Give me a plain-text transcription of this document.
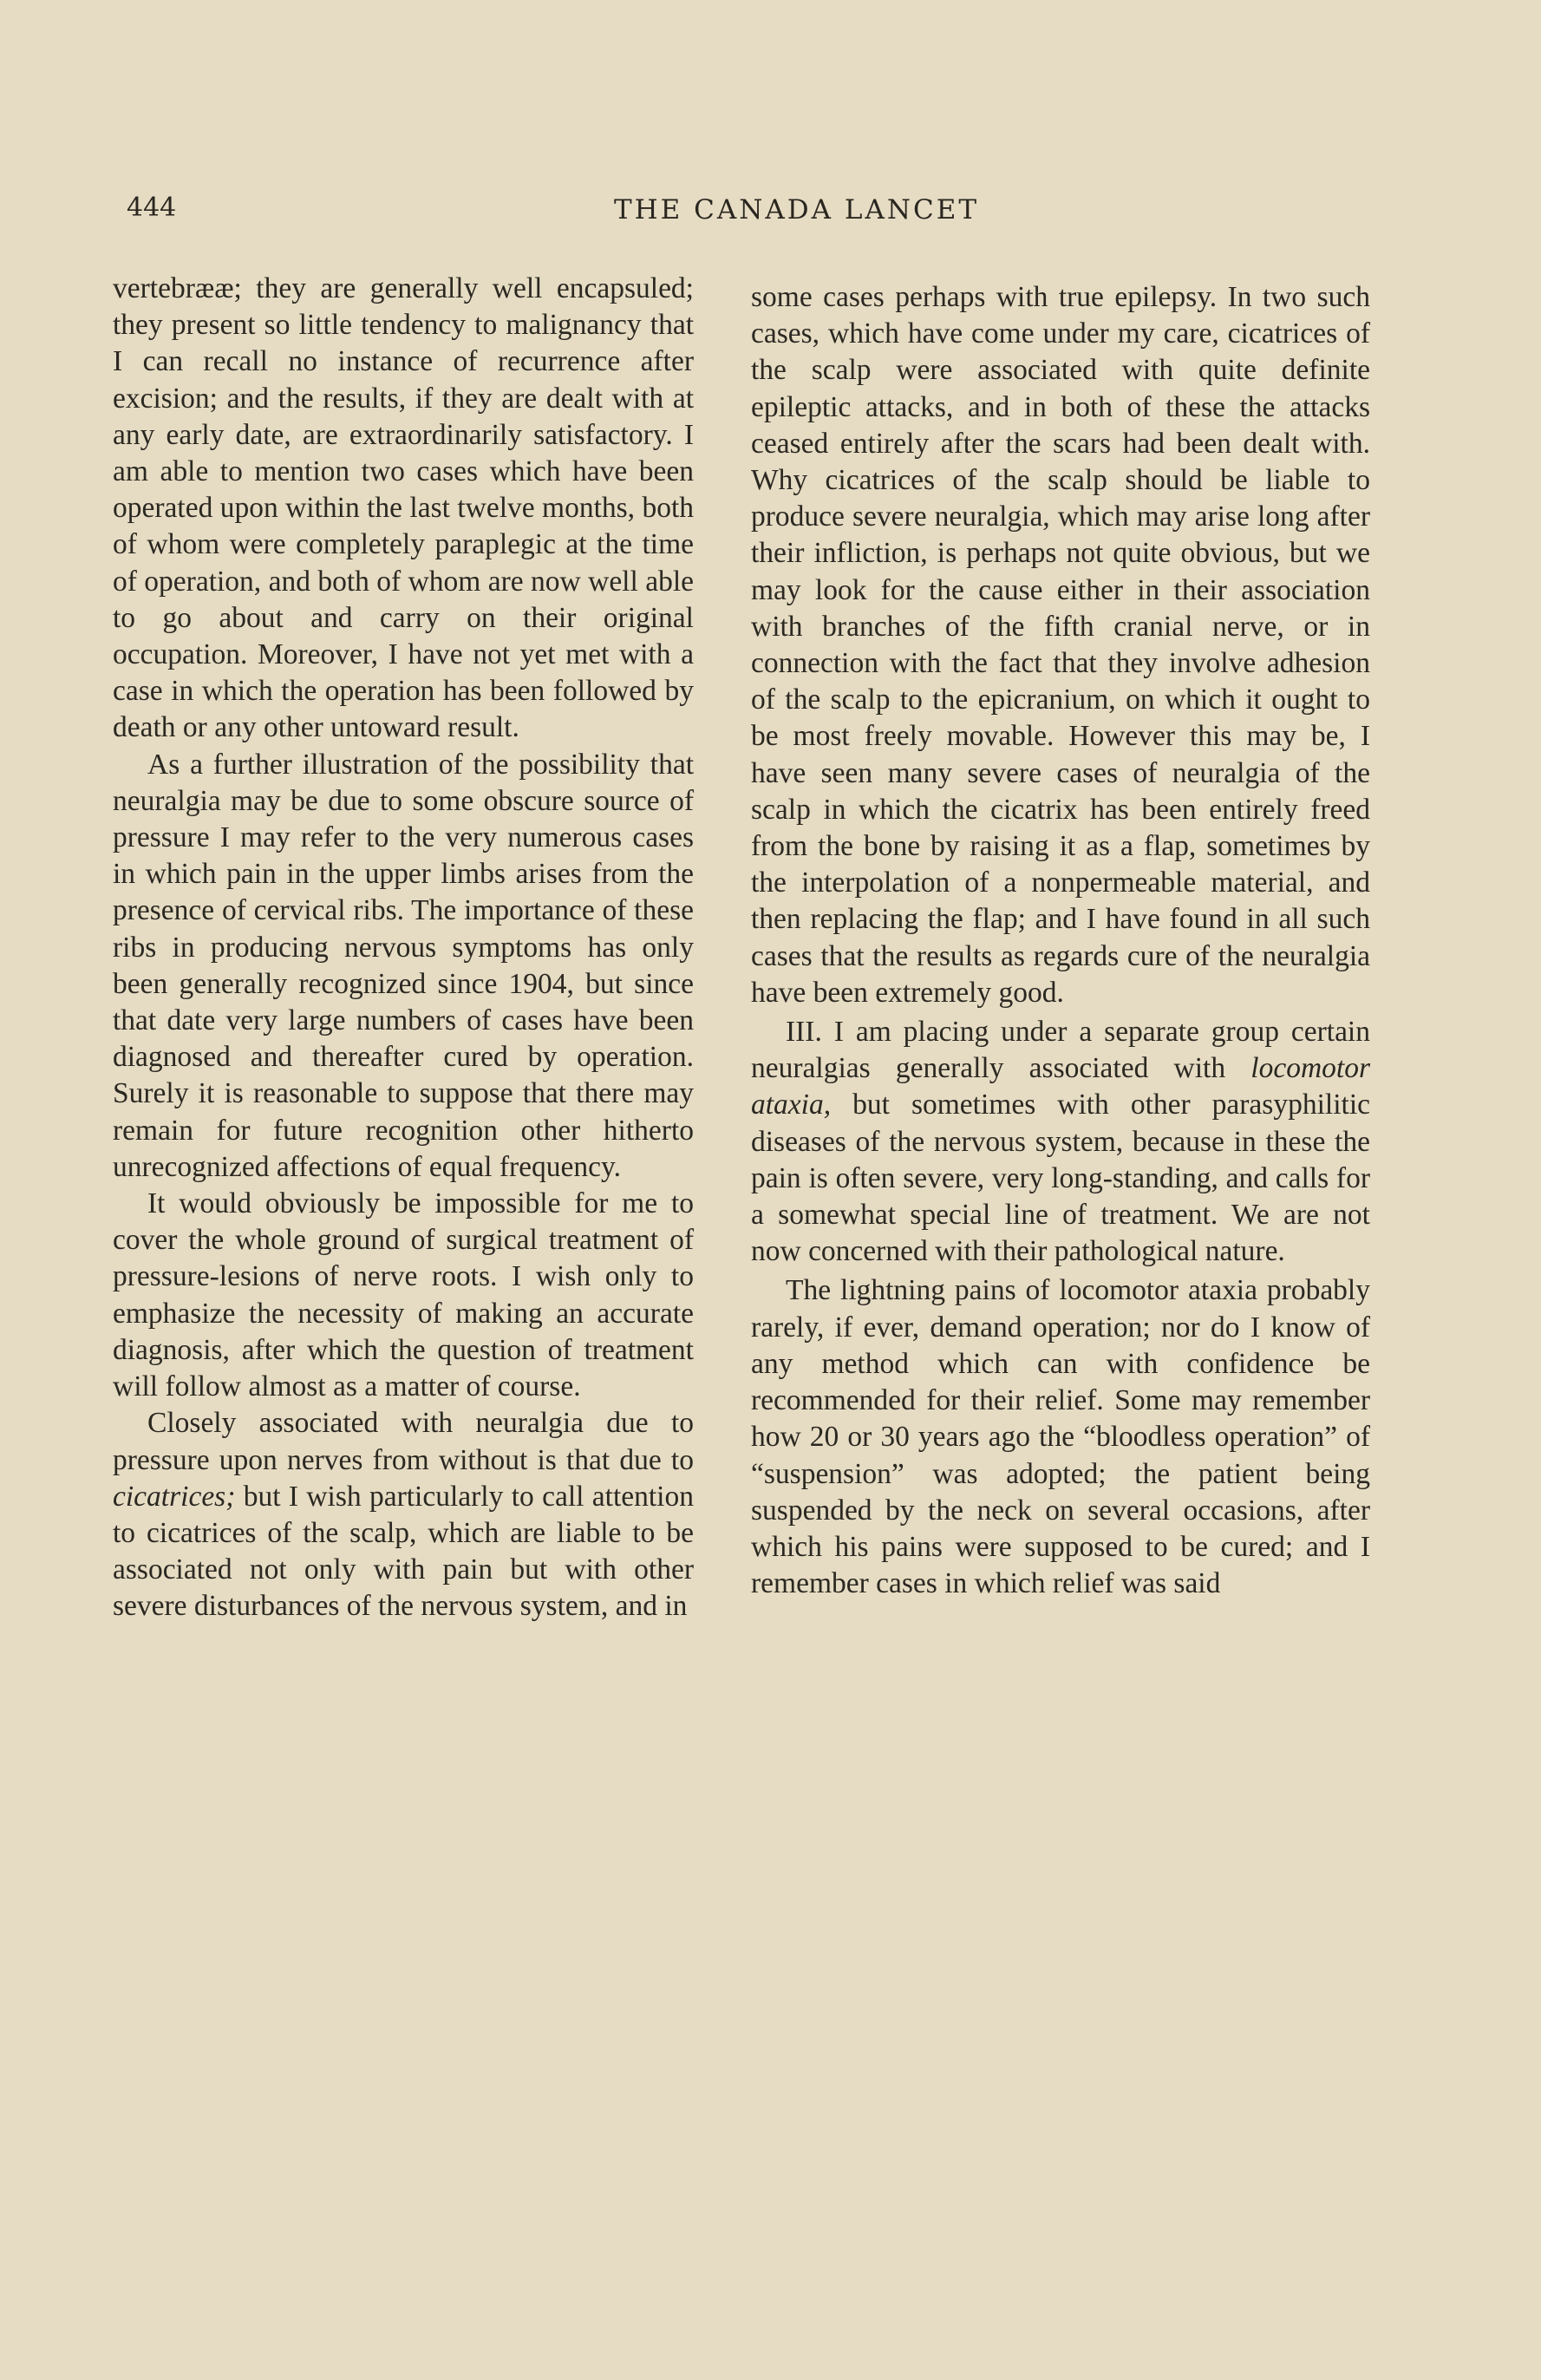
444	THE CANADA LANCET

vertebrææ; they are generally well encapsuled; they present so little tendency to malignancy that I can recall no instance of recurrence after excision; and the results, if they are dealt with at any early date, are extraordinarily satisfactory. I am able to mention two cases which have been operated upon within the last twelve months, both of whom were completely paraplegic at the time of operation, and both of whom are now well able to go about and carry on their original occupation. Moreover, I have not yet met with a case in which the operation has been followed by death or any other untoward result.

As a further illustration of the possibility that neuralgia may be due to some obscure source of pressure I may refer to the very numerous cases in which pain in the upper limbs arises from the presence of cervical ribs. The importance of these ribs in producing nervous symptoms has only been generally recognized since 1904, but since that date very large numbers of cases have been diagnosed and thereafter cured by operation. Surely it is reasonable to suppose that there may remain for future recognition other hitherto unrecognized affections of equal frequency.

It would obviously be impossible for me to cover the whole ground of surgical treatment of pressure-lesions of nerve roots. I wish only to emphasize the necessity of making an accurate diagnosis, after which the question of treatment will follow almost as a matter of course.

Closely associated with neuralgia due to pressure upon nerves from without is that due to cicatrices; but I wish particularly to call attention to cicatrices of the scalp, which are liable to be associated not only with pain but with other severe disturbances of the nervous system, and in

some cases perhaps with true epilepsy. In two such cases, which have come under my care, cicatrices of the scalp were associated with quite definite epileptic attacks, and in both of these the attacks ceased entirely after the scars had been dealt with. Why cicatrices of the scalp should be liable to produce severe neuralgia, which may arise long after their infliction, is perhaps not quite obvious, but we may look for the cause either in their association with branches of the fifth cranial nerve, or in connection with the fact that they involve adhesion of the scalp to the epicranium, on which it ought to be most freely movable. However this may be, I have seen many severe cases of neuralgia of the scalp in which the cicatrix has been entirely freed from the bone by raising it as a flap, sometimes by the interpolation of a nonpermeable material, and then replacing the flap; and I have found in all such cases that the results as regards cure of the neuralgia have been extremely good.

III. I am placing under a separate group certain neuralgias generally associated with locomotor ataxia, but sometimes with other parasyphilitic diseases of the nervous system, because in these the pain is often severe, very long-standing, and calls for a somewhat special line of treatment. We are not now concerned with their pathological nature.

The lightning pains of locomotor ataxia probably rarely, if ever, demand operation; nor do I know of any method which can with confidence be recommended for their relief. Some may remember how 20 or 30 years ago the “bloodless operation” of “suspension” was adopted; the patient being suspended by the neck on several occasions, after which his pains were supposed to be cured; and I remember cases in which relief was said
